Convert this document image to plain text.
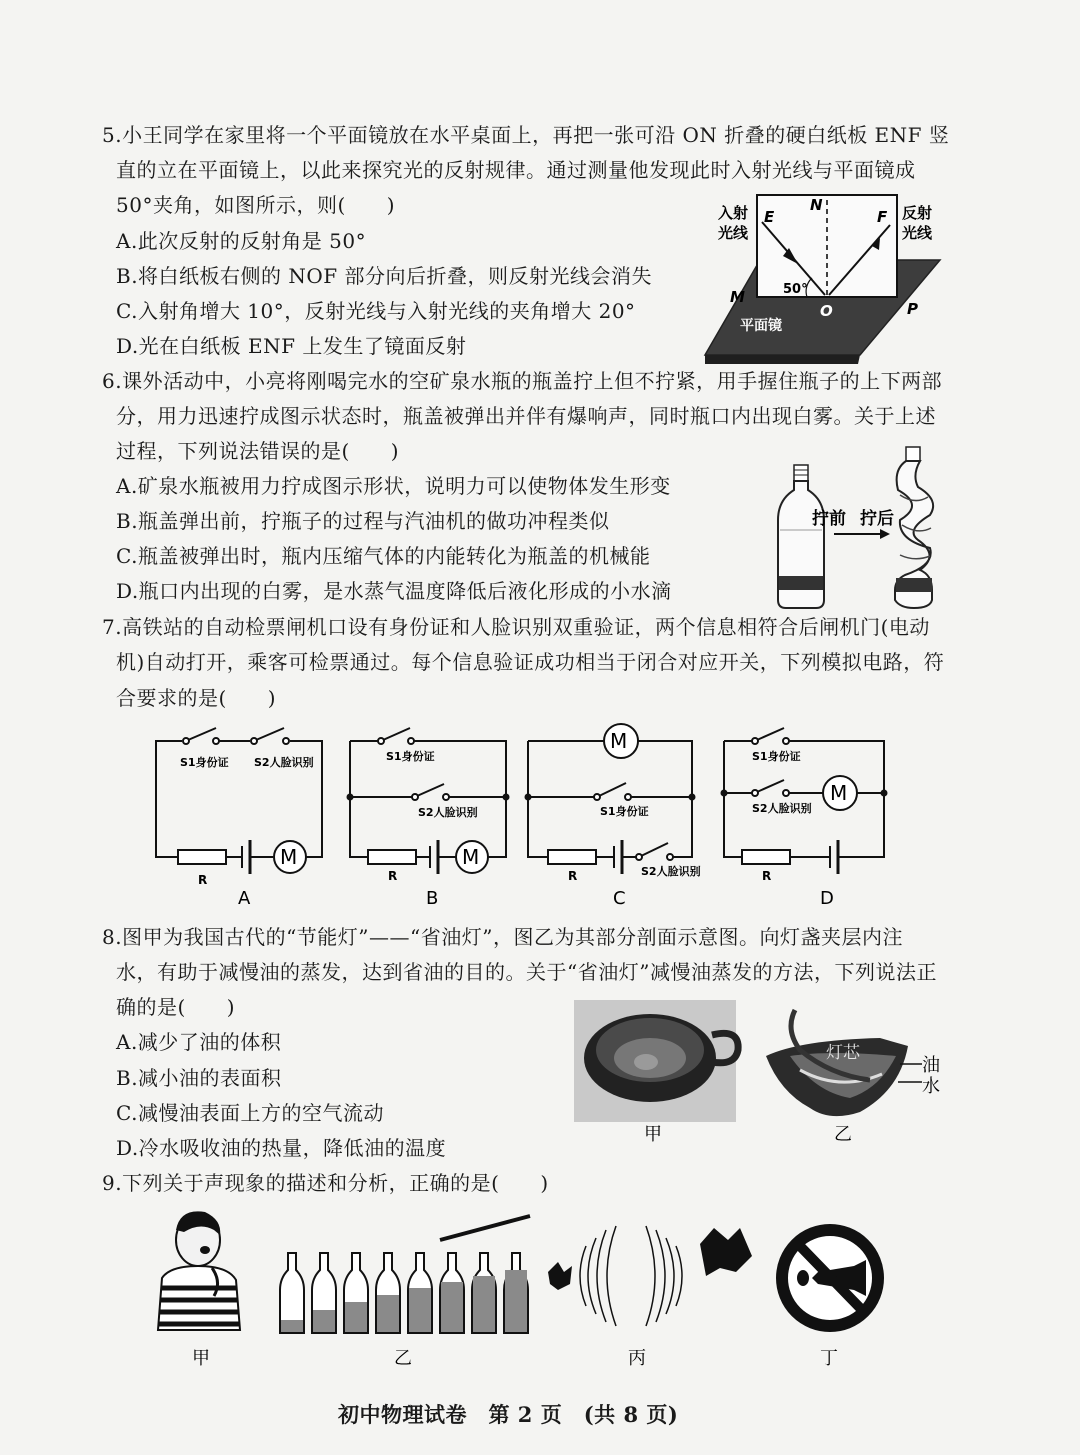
5.小王同学在家里将一个平面镜放在水平桌面上，再把一张可沿 ON 折叠的硬白纸板 ENF 竖
直的立在平面镜上，以此来探究光的反射规律。通过测量他发现此时入射光线与平面镜成
50°夹角，如图所示，则(　　)
A.此次反射的反射角是 50°
B.将白纸板右侧的 NOF 部分向后折叠，则反射光线会消失
C.入射角增大 10°，反射光线与入射光线的夹角增大 20°
D.光在白纸板 ENF 上发生了镜面反射
入射
光线
反射
光线
E
N
F
M
O	P
50°
平面镜
6.课外活动中，小亮将刚喝完水的空矿泉水瓶的瓶盖拧上但不拧紧，用手握住瓶子的上下两部
分，用力迅速拧成图示状态时，瓶盖被弹出并伴有爆响声，同时瓶口内出现白雾。关于上述
过程，下列说法错误的是(　　)
A.矿泉水瓶被用力拧成图示形状，说明力可以使物体发生形变
B.瓶盖弹出前，拧瓶子的过程与汽油机的做功冲程类似
C.瓶盖被弹出时，瓶内压缩气体的内能转化为瓶盖的机械能
D.瓶口内出现的白雾，是水蒸气温度降低后液化形成的小水滴
拧前 拧后
7.高铁站的自动检票闸机口设有身份证和人脸识别双重验证，两个信息相符合后闸机门(电动
机)自动打开，乘客可检票通过。每个信息验证成功相当于闭合对应开关，下列模拟电路，符
合要求的是(　　)
M	M
M
M
R	R	R	R
S1身份证 S2人脸识别	S1身份证
S2人脸识别	S1身份证
S2人脸识别
S1身份证
S2人脸识别
A	B	C	D
8.图甲为我国古代的“节能灯”——“省油灯”，图乙为其部分剖面示意图。向灯盏夹层内注
水，有助于减慢油的蒸发，达到省油的目的。关于“省油灯”减慢油蒸发的方法，下列说法正
确的是(　　)
A.减少了油的体积
B.减小油的表面积
C.减慢油表面上方的空气流动
D.冷水吸收油的热量，降低油的温度
灯芯
油
水
甲	乙
9.下列关于声现象的描述和分析，正确的是(　　)
甲	乙	丙	丁
初中物理试卷　第 2 页　(共 8 页)
